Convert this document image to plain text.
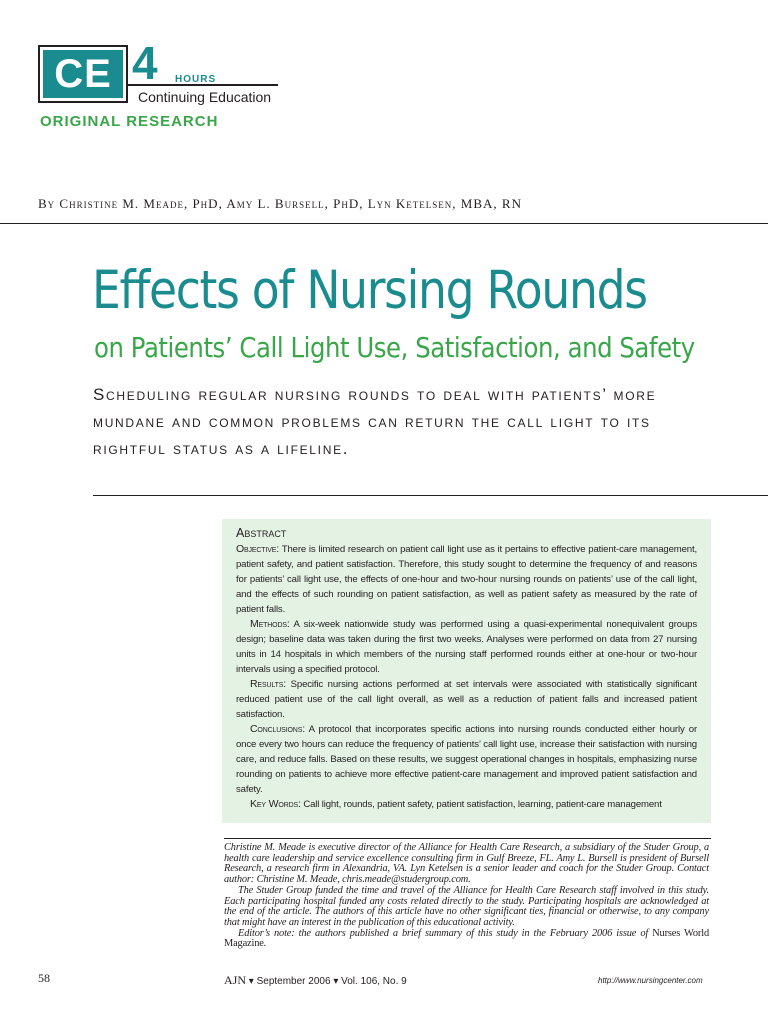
CE 4 HOURS
Continuing Education
ORIGINAL RESEARCH
By Christine M. Meade, PhD, Amy L. Bursell, PhD, Lyn Ketelsen, MBA, RN
Effects of Nursing Rounds
on Patients’ Call Light Use, Satisfaction, and Safety
Scheduling regular nursing rounds to deal with patients’ more mundane and common problems can return the call light to its rightful status as a lifeline.
Abstract

Objective: There is limited research on patient call light use as it pertains to effective patient-care management, patient safety, and patient satisfaction. Therefore, this study sought to determine the frequency of and reasons for patients’ call light use, the effects of one-hour and two-hour nursing rounds on patients’ use of the call light, and the effects of such rounding on patient satisfaction, as well as patient safety as measured by the rate of patient falls.

Methods: A six-week nationwide study was performed using a quasi-experimental nonequivalent groups design; baseline data was taken during the first two weeks. Analyses were performed on data from 27 nursing units in 14 hospitals in which members of the nursing staff performed rounds either at one-hour or two-hour intervals using a specified protocol.

Results: Specific nursing actions performed at set intervals were associated with statistically significant reduced patient use of the call light overall, as well as a reduction of patient falls and increased patient satisfaction.

Conclusions: A protocol that incorporates specific actions into nursing rounds conducted either hourly or once every two hours can reduce the frequency of patients’ call light use, increase their satisfaction with nursing care, and reduce falls. Based on these results, we suggest operational changes in hospitals, emphasizing nurse rounding on patients to achieve more effective patient-care management and improved patient satisfaction and safety.

Key Words: Call light, rounds, patient safety, patient satisfaction, learning, patient-care management

Christine M. Meade is executive director of the Alliance for Health Care Research, a subsidiary of the Studer Group, a health care leadership and service excellence consulting firm in Gulf Breeze, FL. Amy L. Bursell is president of Bursell Research, a research firm in Alexandria, VA. Lyn Ketelsen is a senior leader and coach for the Studer Group. Contact author: Christine M. Meade, chris.meade@studergroup.com.

The Studer Group funded the time and travel of the Alliance for Health Care Research staff involved in this study. Each participating hospital funded any costs related directly to the study. Participating hospitals are acknowledged at the end of the article. The authors of this article have no other significant ties, financial or otherwise, to any company that might have an interest in the publication of this educational activity.

Editor’s note: the authors published a brief summary of this study in the February 2006 issue of Nurses World Magazine.

58	AJN ▾ September 2006 ▾ Vol. 106, No. 9	http://www.nursingcenter.com
